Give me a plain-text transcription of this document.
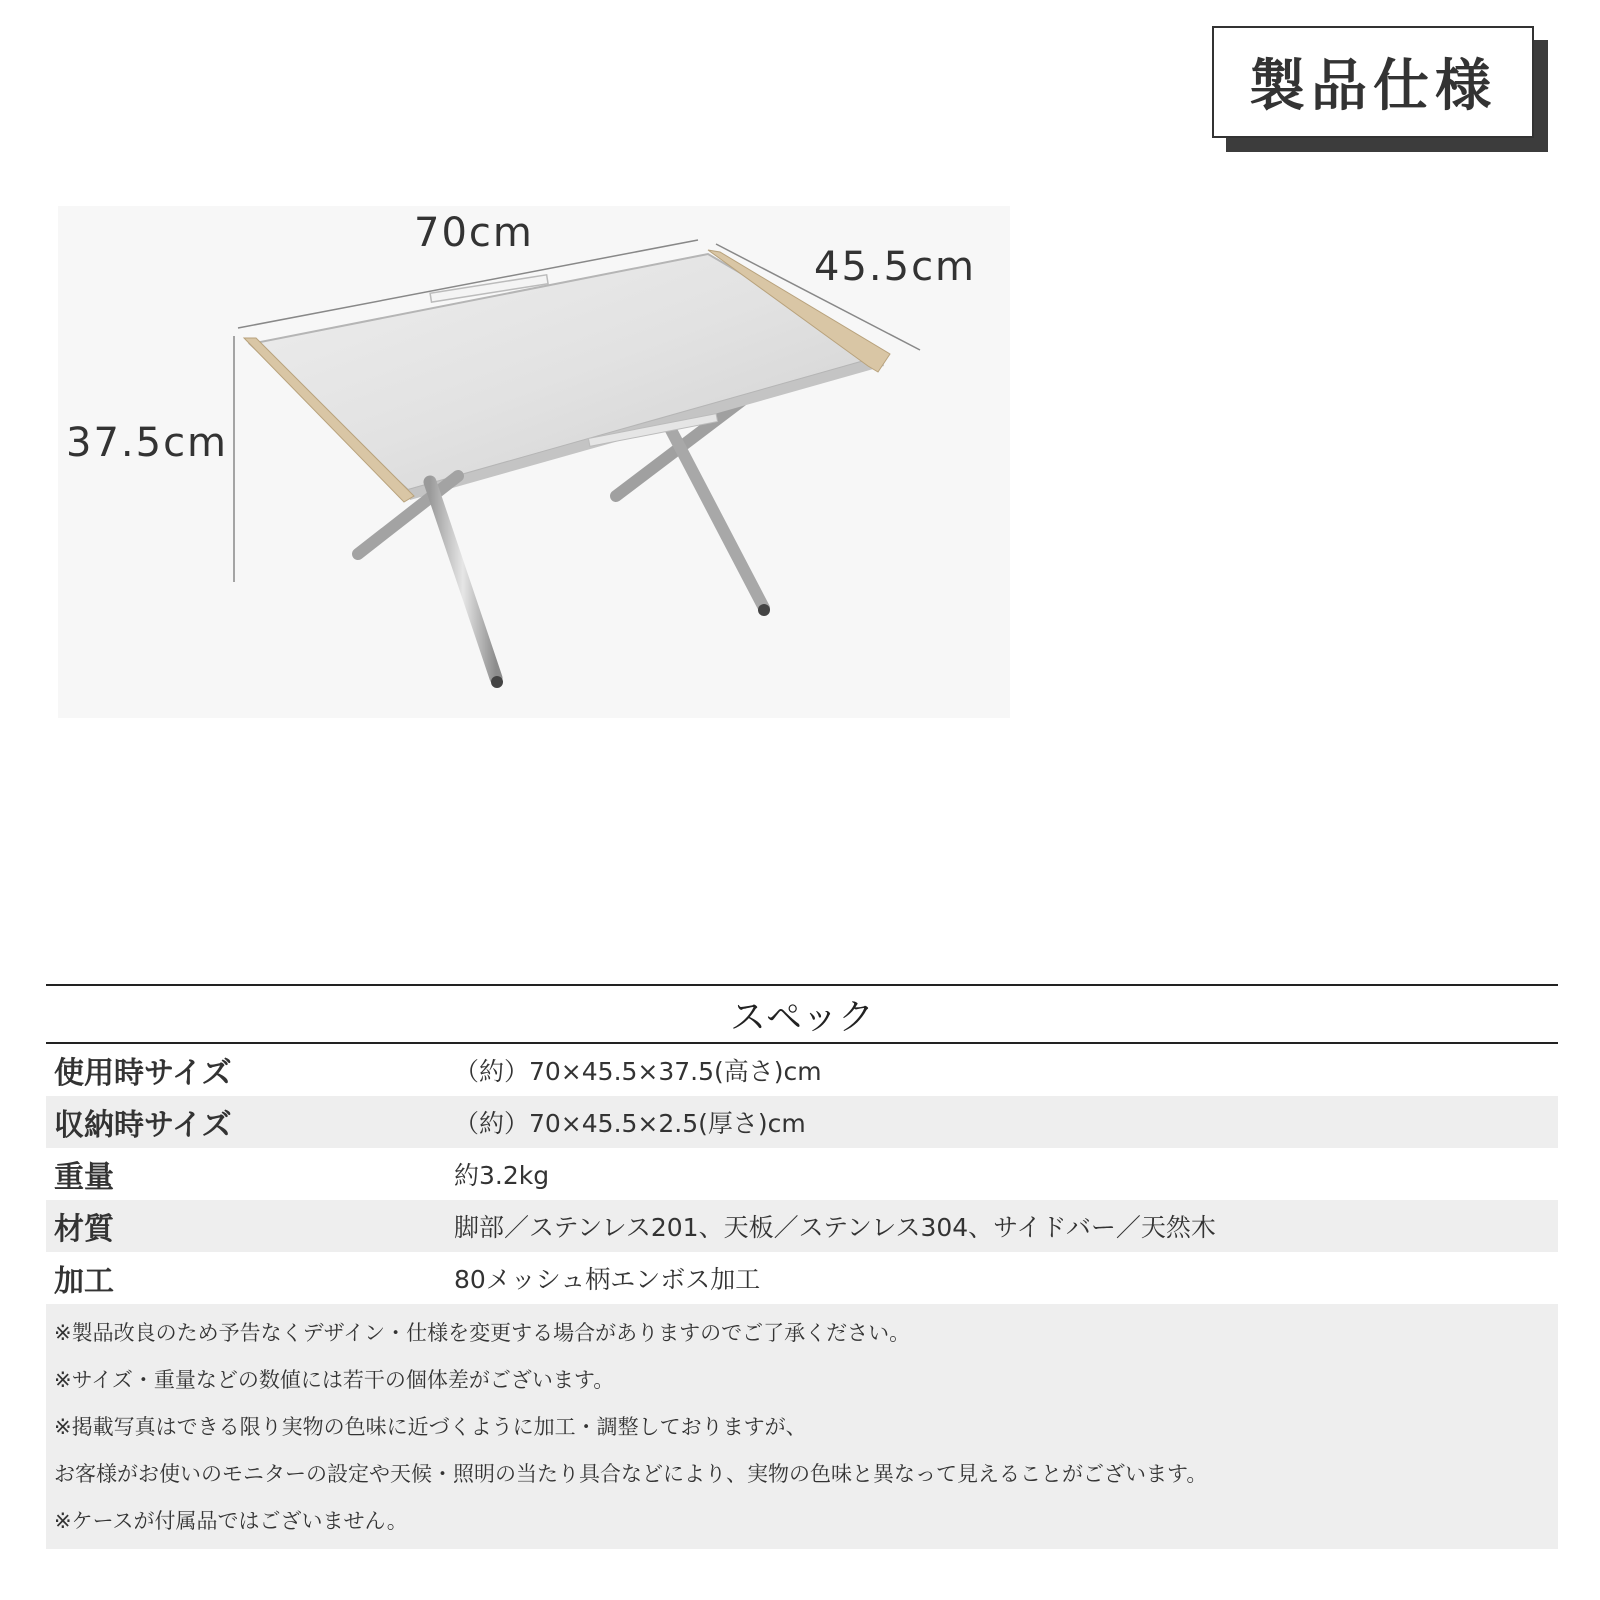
製品仕様
70cm
45.5cm
37.5cm
スペック
使用時サイズ	（約）70×45.5×37.5(高さ)cm
収納時サイズ	（約）70×45.5×2.5(厚さ)cm
重量	約3.2kg
材質	脚部／ステンレス201、天板／ステンレス304、サイドバー／天然木
加工	80メッシュ柄エンボス加工
※製品改良のため予告なくデザイン・仕様を変更する場合がありますのでご了承ください。
※サイズ・重量などの数値には若干の個体差がございます。
※掲載写真はできる限り実物の色味に近づくように加工・調整しておりますが、
お客様がお使いのモニターの設定や天候・照明の当たり具合などにより、実物の色味と異なって見えることがございます。
※ケースが付属品ではございません。
